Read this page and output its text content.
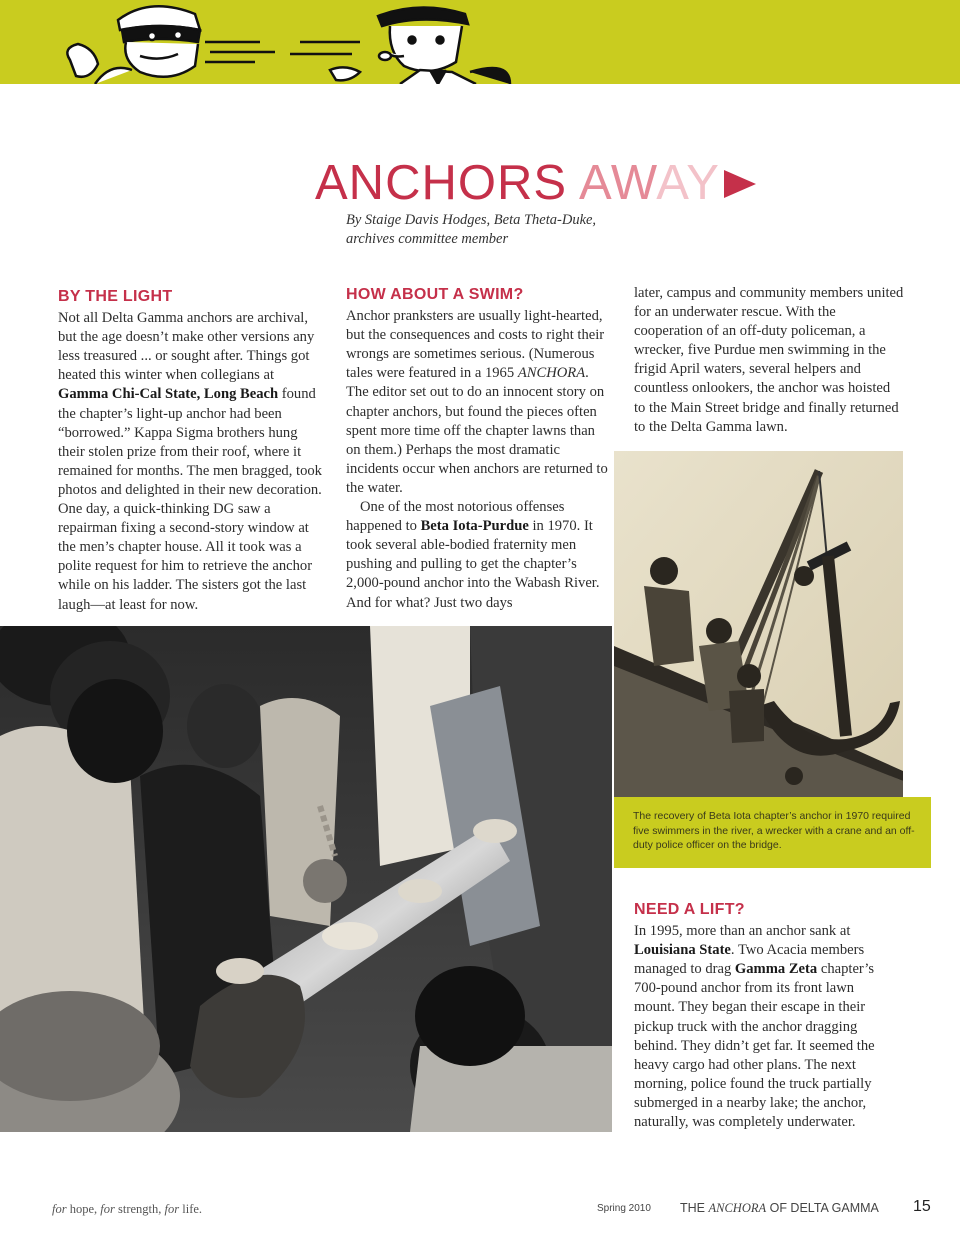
ANCHORS AWAY
By Staige Davis Hodges, Beta Theta-Duke,
archives committee member
BY THE LIGHT

Not all Delta Gamma anchors are archival, but the age doesn’t make other versions any less treasured ... or sought after. Things got heated this winter when collegians at Gamma Chi-Cal State, Long Beach found the chapter’s light-up anchor had been “borrowed.” Kappa Sigma brothers hung their stolen prize from their roof, where it remained for months. The men bragged, took photos and delighted in their new decoration. One day, a quick-thinking DG saw a repairman fixing a second-story window at the men’s chapter house. All it took was a polite request for him to retrieve the anchor while on his ladder. The sisters got the last laugh—at least for now.

HOW ABOUT A SWIM?

Anchor pranksters are usually light-hearted, but the consequences and costs to right their wrongs are sometimes serious. (Numerous tales were featured in a 1965 ANCHORA. The editor set out to do an innocent story on chapter anchors, but found the pieces often spent more time off the chapter lawns than on them.) Perhaps the most dramatic incidents occur when anchors are returned to the water.

One of the most notorious offenses happened to Beta Iota-Purdue in 1970. It took several able-bodied fraternity men pushing and pulling to get the chapter’s 2,000-pound anchor into the Wabash River. And for what? Just two days

later, campus and community members united for an underwater rescue. With the cooperation of an off-duty policeman, a wrecker, five Purdue men swimming in the frigid April waters, several helpers and countless onlookers, the anchor was hoisted to the Main Street bridge and finally returned to the Delta Gamma lawn.

The recovery of Beta Iota chapter’s anchor in 1970 required five swimmers in the river, a wrecker with a crane and an off-duty police officer on the bridge.
NEED A LIFT?

In 1995, more than an anchor sank at Louisiana State. Two Acacia members managed to drag Gamma Zeta chapter’s 700-pound anchor from its front lawn mount. They began their escape in their pickup truck with the anchor dragging behind. They didn’t get far. It seemed the heavy cargo had other plans. The next morning, police found the truck partially submerged in a nearby lake; the anchor, naturally, was completely underwater.

for hope, for strength, for life.	Spring 2010 THE ANCHORA OF DELTA GAMMA 15
